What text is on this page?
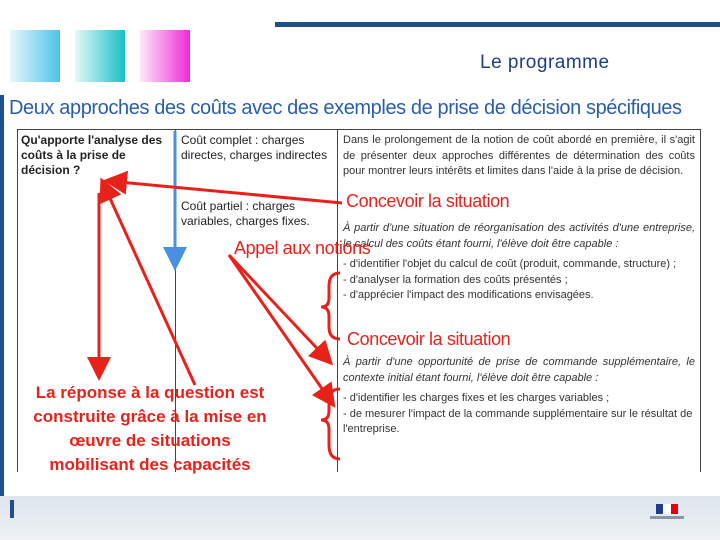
Le programme
Deux approches des coûts avec des exemples de prise de décision spécifiques
Qu'apporte l'analyse des coûts à la prise de décision ?
Coût complet : charges directes, charges indirectes
Coût partiel : charges variables, charges fixes.
Dans le prolongement de la notion de coût abordé en première, il s'agit de présenter deux approches différentes de détermination des coûts pour montrer leurs intérêts et limites dans l'aide à la prise de décision.
À partir d'une situation de réorganisation des activités d'une entreprise, le calcul des coûts étant fourni, l'élève doit être capable :
- d'identifier l'objet du calcul de coût (produit, commande, structure) ;
- d'analyser la formation des coûts présentés ;
- d'apprécier l'impact des modifications envisagées.
À partir d'une opportunité de prise de commande supplémentaire, le contexte initial étant fourni, l'élève doit être capable :
- d'identifier les charges fixes et les charges variables ;
- de mesurer l'impact de la commande supplémentaire sur le résultat de l'entreprise.
Concevoir la situation
Appel aux notions
Concevoir la situation
La réponse à la question est construite grâce à la mise en œuvre de situations mobilisant des capacités
